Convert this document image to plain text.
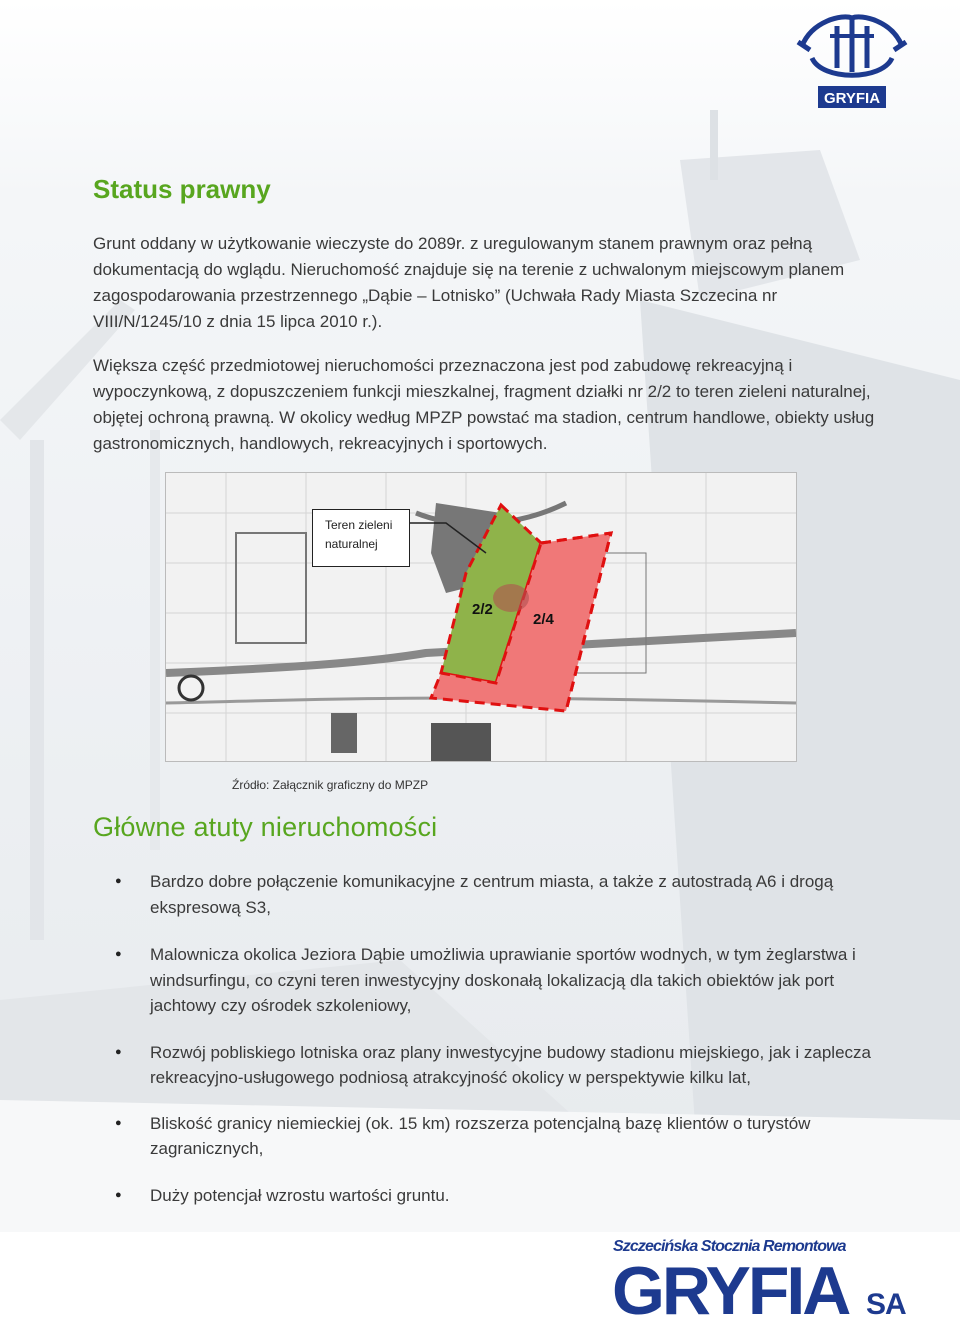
GRYFIA
Status prawny

Grunt oddany w użytkowanie wieczyste do 2089r. z uregulowanym stanem prawnym oraz pełną dokumentacją do wglądu. Nieruchomość znajduje się na terenie z uchwalonym miejscowym planem zagospodarowania przestrzennego „Dąbie – Lotnisko” (Uchwała Rady Miasta Szczecina nr VIII/N/1245/10 z dnia 15 lipca 2010 r.).

Większa część przedmiotowej nieruchomości przeznaczona jest pod zabudowę rekreacyjną i wypoczynkową, z dopuszczeniem funkcji mieszkalnej, fragment działki nr 2/2 to teren zieleni naturalnej, objętej ochroną prawną. W okolicy według MPZP powstać ma stadion, centrum handlowe, obiekty usług gastronomicznych, handlowych, rekreacyjnych i sportowych.

Teren zieleni
naturalnej
2/2
2/4
Źródło: Załącznik graficzny do MPZP
Główne atuty nieruchomości
● Bardzo dobre połączenie komunikacyjne z centrum miasta, a także z autostradą A6 i drogą ekspresową S3,
● Malownicza okolica Jeziora Dąbie umożliwia uprawianie sportów wodnych, w tym żeglarstwa i windsurfingu, co czyni teren inwestycyjny doskonałą lokalizacją dla takich obiektów jak port jachtowy czy ośrodek szkoleniowy,
● Rozwój pobliskiego lotniska oraz plany inwestycyjne budowy stadionu miejskiego, jak i zaplecza rekreacyjno-usługowego podniosą atrakcyjność okolicy w perspektywie kilku lat,
● Bliskość granicy niemieckiej (ok. 15 km) rozszerza potencjalną bazę klientów o turystów zagranicznych,
● Duży potencjał wzrostu wartości gruntu.
Szczecińska Stocznia Remontowa
GRYFIA SA
